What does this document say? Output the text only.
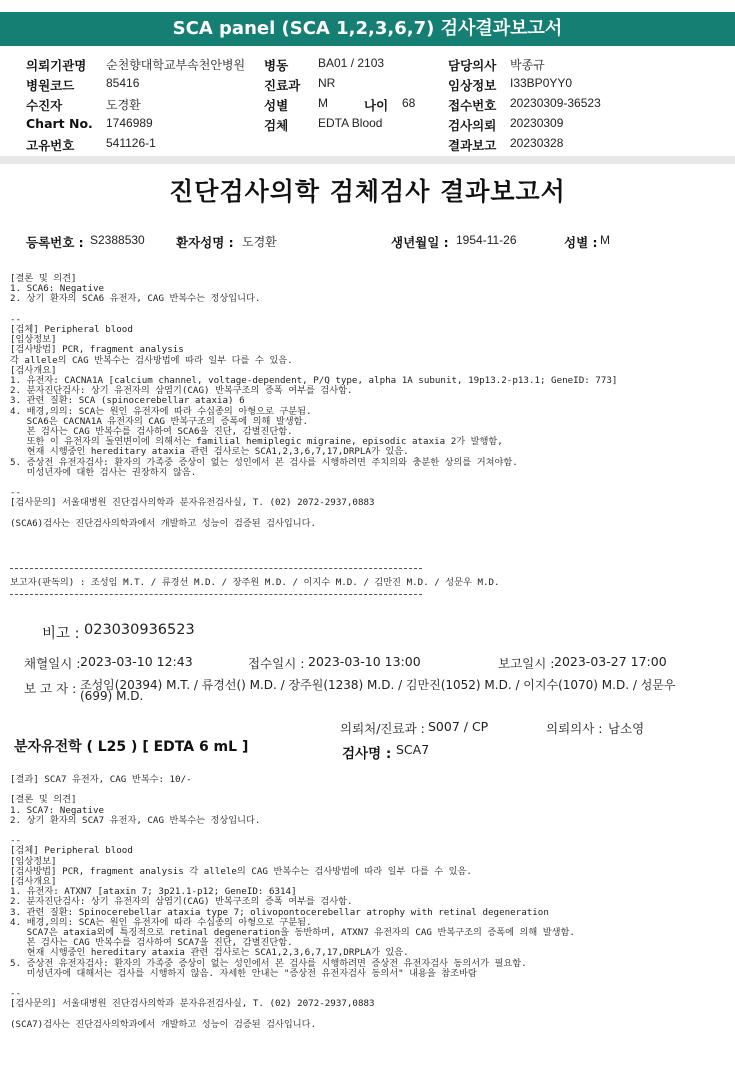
SCA panel (SCA 1,2,3,6,7) 검사결과보고서
의뢰기관명 순천향대학교부속천안병원 병동 BA01 / 2103	담당의사 박종규
병원코드	85416	진료과 NR	임상정보 I33BP0YY0
수진자	도경환	성별 M	나이 68	접수번호 20230309-36523
Chart No. 1746989	검체 EDTA Blood	검사의뢰 20230309
고유번호	541126-1	결과보고 20230328
진단검사의학 검체검사 결과보고서
등록번호 : S2388530	환자성명 : 도경환	생년월일 : 1954-11-26	성별 : M
[결론 및 의견]
1. SCA6: Negative
2. 상기 환자의 SCA6 유전자, CAG 반복수는 정상입니다.

--
[검체] Peripheral blood
[임상정보]
[검사방법] PCR, fragment analysis
각 allele의 CAG 반복수는 검사방법에 따라 일부 다를 수 있음.
[검사개요]
1. 유전자: CACNA1A [calcium channel, voltage-dependent, P/Q type, alpha 1A subunit, 19p13.2-p13.1; GeneID: 773]
2. 분자진단검사: 상기 유전자의 삼염기(CAG) 반복구조의 증폭 여부를 검사함.
3. 관련 질환: SCA (spinocerebellar ataxia) 6
4. 배경,의의: SCA는 원인 유전자에 따라 수십종의 아형으로 구분됨.
SCA6은 CACNA1A 유전자의 CAG 반복구조의 증폭에 의해 발생함.
본 검사는 CAG 반복수를 검사하여 SCA6을 진단, 감별진단함.
또한 이 유전자의 돌연변이에 의해서는 familial hemiplegic migraine, episodic ataxia 2가 발행함,
현재 시행중인 hereditary ataxia 관련 검사로는 SCA1,2,3,6,7,17,DRPLA가 있음.
5. 증상전 유전자검사: 환자의 가족중 증상이 없는 성인에서 본 검사를 시행하려면 주치의와 충분한 상의를 거쳐야함.
미성년자에 대한 검사는 권장하지 않음.

--
[검사문의] 서울대병원 진단검사의학과 분자유전검사실, T. (02) 2072-2937,0883

(SCA6)검사는 진단검사의학과에서 개발하고 성능이 검증된 검사입니다.
보고자(판독의) : 조성임 M.T. / 류경선 M.D. / 장주원 M.D. / 이지수 M.D. / 김만진 M.D. / 성문우 M.D.
비고 : 023030936523
채혈일시 : 2023-03-10 12:43	접수일시 : 2023-03-10 13:00	보고일시 : 2023-03-27 17:00
보 고 자 : 조성임(20394) M.T. / 류경선() M.D. / 장주원(1238) M.D. / 김만진(1052) M.D. / 이지수(1070) M.D. / 성문우
(699) M.D.
의뢰처/진료과 : S007 / CP	의뢰의사 : 남소영
분자유전학 ( L25 ) [ EDTA 6 mL ]	검사명 : SCA7
[결과] SCA7 유전자, CAG 반복수: 10/-

[결론 및 의견]
1. SCA7: Negative
2. 상기 환자의 SCA7 유전자, CAG 반복수는 정상입니다.

--
[검체] Peripheral blood
[임상정보]
[검사방법] PCR, fragment analysis 각 allele의 CAG 반복수는 검사방법에 따라 일부 다를 수 있음.
[검사개요]
1. 유전자: ATXN7 [ataxin 7; 3p21.1-p12; GeneID: 6314]
2. 분자진단검사: 상기 유전자의 삼염기(CAG) 반복구조의 증폭 여부를 검사함.
3. 관련 질환: Spinocerebellar ataxia type 7; olivopontocerebellar atrophy with retinal degeneration
4. 배경,의의: SCA는 원인 유전자에 따라 수십종의 아형으로 구분됨.
SCA7은 ataxia외에 특징적으로 retinal degeneration을 동반하며, ATXN7 유전자의 CAG 반복구조의 증폭에 의해 발생함.
본 검사는 CAG 반복수를 검사하여 SCA7을 진단, 감별진단함.
현재 시행중인 hereditary ataxia 관련 검사로는 SCA1,2,3,6,7,17,DRPLA가 있음.
5. 증상전 유전자검사: 환자의 가족중 증상이 없는 성인에서 본 검사를 시행하려면 증상전 유전자검사 동의서가 필요함.
미성년자에 대해서는 검사를 시행하지 않음. 자세한 안내는 "증상전 유전자검사 동의서" 내용을 참조바람

--
[검사문의] 서울대병원 진단검사의학과 분자유전검사실, T. (02) 2072-2937,0883

(SCA7)검사는 진단검사의학과에서 개발하고 성능이 검증된 검사입니다.
